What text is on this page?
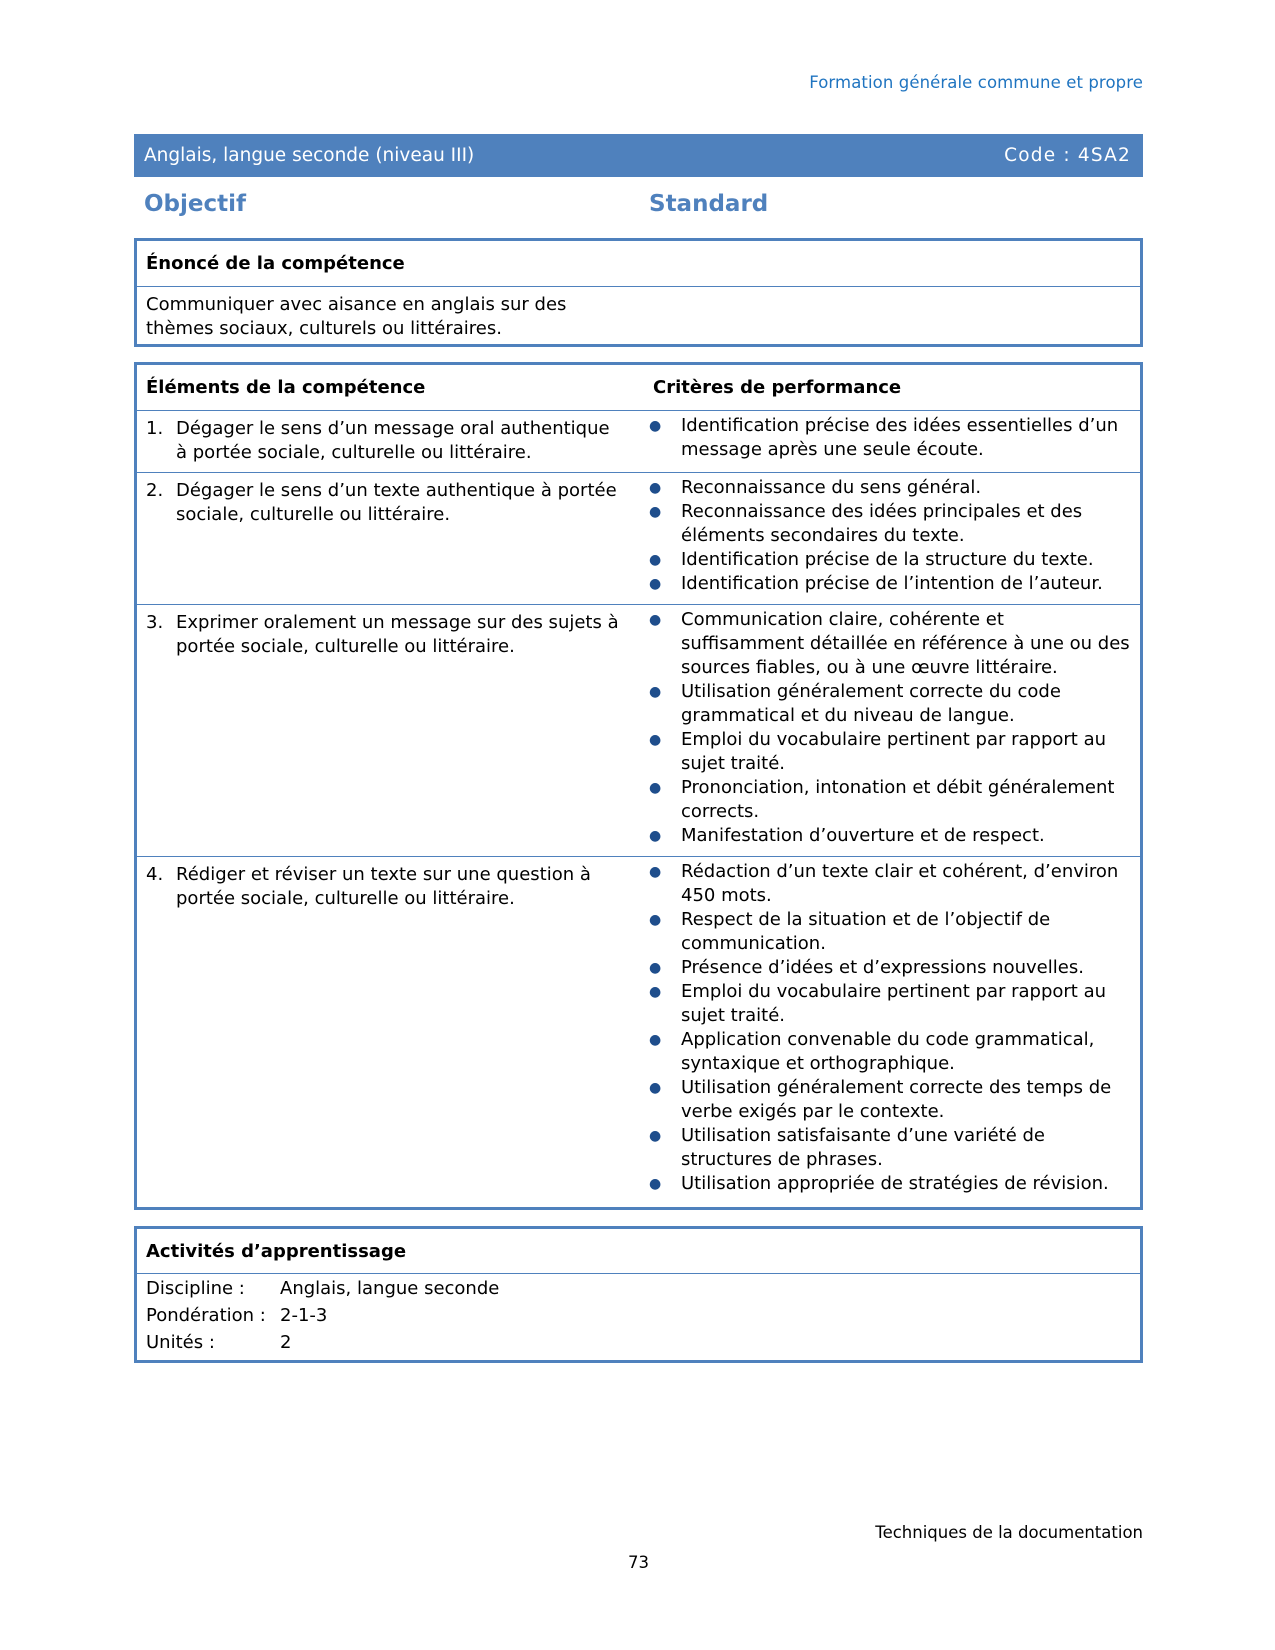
Formation générale commune et propre
Anglais, langue seconde (niveau III)	Code : 4SA2
Objectif	Standard
Énoncé de la compétence
Communiquer avec aisance en anglais sur des thèmes sociaux, culturels ou littéraires.
Éléments de la compétence	Critères de performance
1. Dégager le sens d’un message oral authentique à portée sociale, culturelle ou littéraire.
●	Identification précise des idées essentielles d’un message après une seule écoute.
2. Dégager le sens d’un texte authentique à portée sociale, culturelle ou littéraire.
●	Reconnaissance du sens général.
●	Reconnaissance des idées principales et des éléments secondaires du texte.
●	Identification précise de la structure du texte.
●	Identification précise de l’intention de l’auteur.
3. Exprimer oralement un message sur des sujets à portée sociale, culturelle ou littéraire.
●	Communication claire, cohérente et suffisamment détaillée en référence à une ou des sources fiables, ou à une œuvre littéraire.
●	Utilisation généralement correcte du code grammatical et du niveau de langue.
●	Emploi du vocabulaire pertinent par rapport au sujet traité.
●	Prononciation, intonation et débit généralement corrects.
●	Manifestation d’ouverture et de respect.
4. Rédiger et réviser un texte sur une question à portée sociale, culturelle ou littéraire.
●	Rédaction d’un texte clair et cohérent, d’environ 450 mots.
●	Respect de la situation et de l’objectif de communication.
●	Présence d’idées et d’expressions nouvelles.
●	Emploi du vocabulaire pertinent par rapport au sujet traité.
●	Application convenable du code grammatical, syntaxique et orthographique.
●	Utilisation généralement correcte des temps de verbe exigés par le contexte.
●	Utilisation satisfaisante d’une variété de structures de phrases.
●	Utilisation appropriée de stratégies de révision.
Activités d’apprentissage
Discipline :	Anglais, langue seconde
Pondération : 2-1-3
Unités :	2
Techniques de la documentation
73
